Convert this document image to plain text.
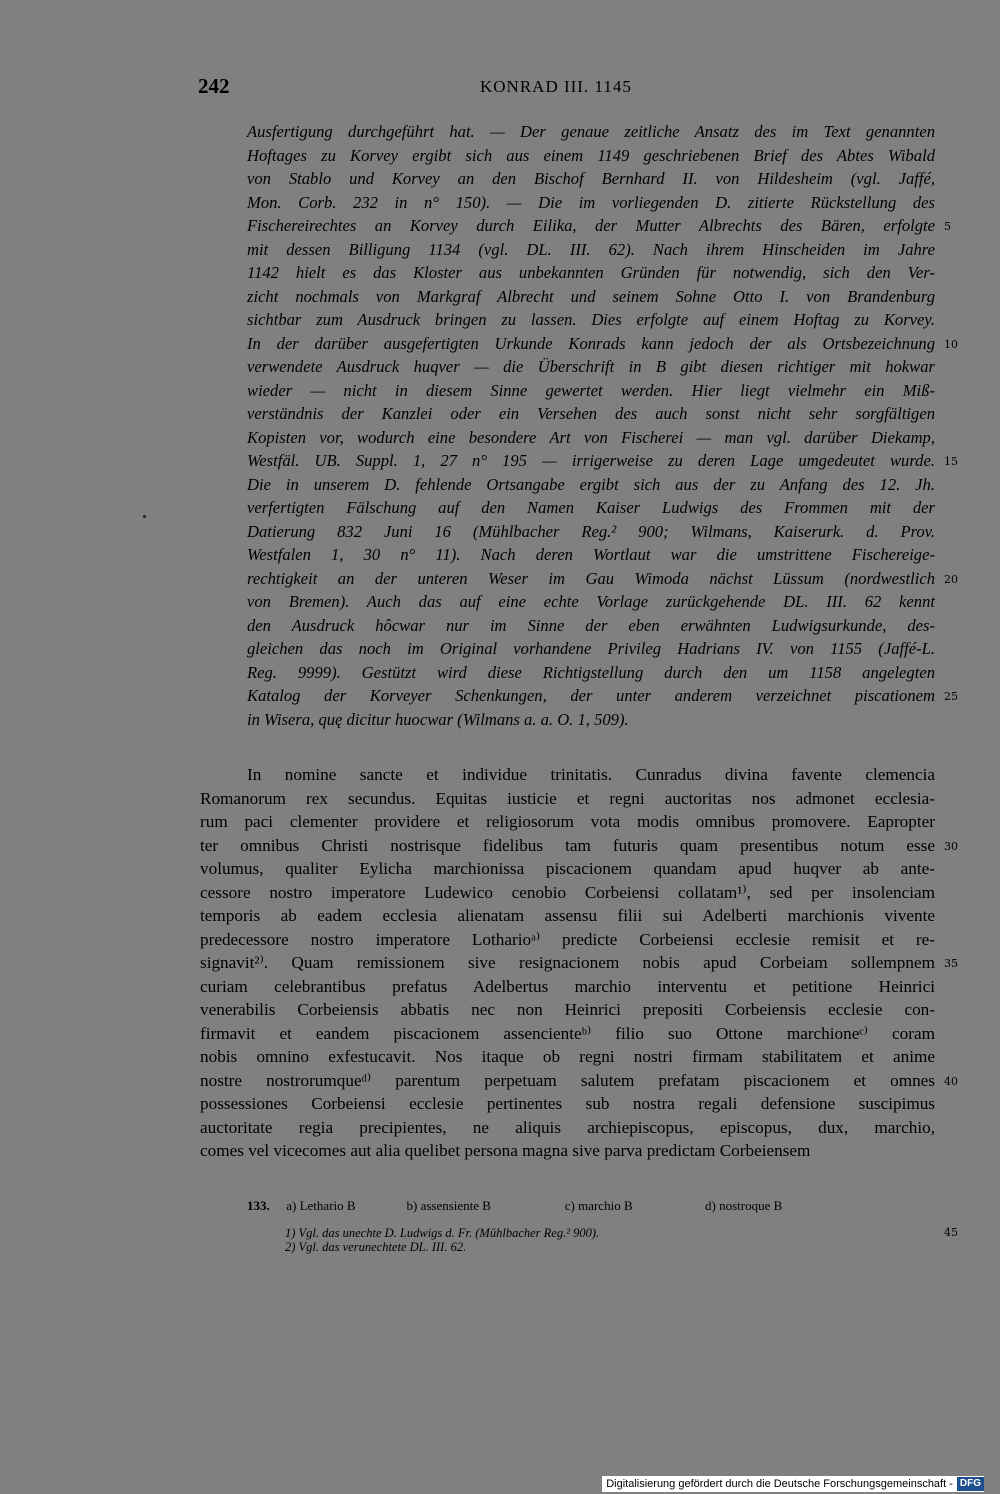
242	KONRAD III. 1145
Ausfertigung durchgeführt hat. — Der genaue zeitliche Ansatz des im Text genannten
Hoftages zu Korvey ergibt sich aus einem 1149 geschriebenen Brief des Abtes Wibald
von Stablo und Korvey an den Bischof Bernhard II. von Hildesheim (vgl. Jaffé,
Mon. Corb. 232 in n° 150). — Die im vorliegenden D. zitierte Rückstellung des
Fischereirechtes an Korvey durch Eilika, der Mutter Albrechts des Bären, erfolgte
mit dessen Billigung 1134 (vgl. DL. III. 62). Nach ihrem Hinscheiden im Jahre
1142 hielt es das Kloster aus unbekannten Gründen für notwendig, sich den Ver-
zicht nochmals von Markgraf Albrecht und seinem Sohne Otto I. von Brandenburg
sichtbar zum Ausdruck bringen zu lassen. Dies erfolgte auf einem Hoftag zu Korvey.
In der darüber ausgefertigten Urkunde Konrads kann jedoch der als Ortsbezeichnung
verwendete Ausdruck huqver — die Überschrift in B gibt diesen richtiger mit hokwar
wieder — nicht in diesem Sinne gewertet werden. Hier liegt vielmehr ein Miß-
verständnis der Kanzlei oder ein Versehen des auch sonst nicht sehr sorgfältigen
Kopisten vor, wodurch eine besondere Art von Fischerei — man vgl. darüber Diekamp,
Westfäl. UB. Suppl. 1, 27 n° 195 — irrigerweise zu deren Lage umgedeutet wurde.
Die in unserem D. fehlende Ortsangabe ergibt sich aus der zu Anfang des 12. Jh.
verfertigten Fälschung auf den Namen Kaiser Ludwigs des Frommen mit der
Datierung 832 Juni 16 (Mühlbacher Reg.² 900; Wilmans, Kaiserurk. d. Prov.
Westfalen 1, 30 n° 11). Nach deren Wortlaut war die umstrittene Fischereige-
rechtigkeit an der unteren Weser im Gau Wimoda nächst Lüssum (nordwestlich
von Bremen). Auch das auf eine echte Vorlage zurückgehende DL. III. 62 kennt
den Ausdruck hôcwar nur im Sinne der eben erwähnten Ludwigsurkunde, des-
gleichen das noch im Original vorhandene Privileg Hadrians IV. von 1155 (Jaffé-L.
Reg. 9999). Gestützt wird diese Richtigstellung durch den um 1158 angelegten
Katalog der Korveyer Schenkungen, der unter anderem verzeichnet piscationem
in Wisera, quę dicitur huocwar (Wilmans a. a. O. 1, 509).
In nomine sancte et individue trinitatis. Cunradus divina favente clemencia
Romanorum rex secundus. Equitas iusticie et regni auctoritas nos admonet ecclesia-
rum paci clementer providere et religiosorum vota modis omnibus promovere. Eapropter
ter omnibus Christi nostrisque fidelibus tam futuris quam presentibus notum esse
volumus, qualiter Eylicha marchionissa piscacionem quandam apud huqver ab ante-
cessore nostro imperatore Ludewico cenobio Corbeiensi collatam¹⁾, sed per insolenciam
temporis ab eadem ecclesia alienatam assensu filii sui Adelberti marchionis vivente
predecessore nostro imperatore Lotharioᵃ⁾ predicte Corbeiensi ecclesie remisit et re-
signavit²⁾. Quam remissionem sive resignacionem nobis apud Corbeiam sollempnem
curiam celebrantibus prefatus Adelbertus marchio interventu et petitione Heinrici
venerabilis Corbeiensis abbatis nec non Heinrici prepositi Corbeiensis ecclesie con-
firmavit et eandem piscacionem assencienteᵇ⁾ filio suo Ottone marchioneᶜ⁾ coram
nobis omnino exfestucavit. Nos itaque ob regni nostri firmam stabilitatem et anime
nostre nostrorumqueᵈ⁾ parentum perpetuam salutem prefatam piscacionem et omnes
possessiones Corbeiensi ecclesie pertinentes sub nostra regali defensione suscipimus
auctoritate regia precipientes, ne aliquis archiepiscopus, episcopus, dux, marchio,
comes vel vicecomes aut alia quelibet persona magna sive parva predictam Corbeiensem
133. a) Lethario B	b) assensiente B	c) marchio B	d) nostroque B
1) Vgl. das unechte D. Ludwigs d. Fr. (Mühlbacher Reg.² 900).	45
2) Vgl. das verunechtete DL. III. 62.
Digitalisierung gefördert durch die Deutsche Forschungsgemeinschaft - DFG
5
10
15
20
25
30
35
40
